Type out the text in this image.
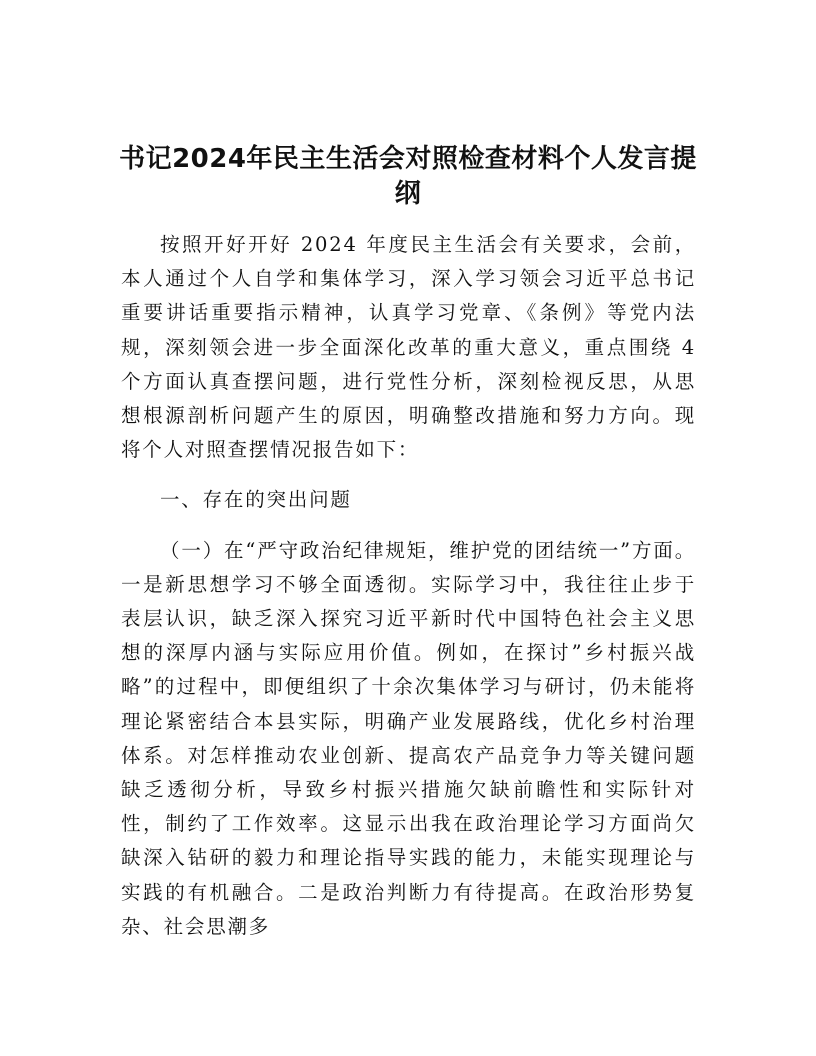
书记2024年民主生活会对照检查材料个人发言提纲

按照开好开好 2024 年度民主生活会有关要求，会前，本人通过个人自学和集体学习，深入学习领会习近平总书记重要讲话重要指示精神，认真学习党章、《条例》等党内法规，深刻领会进一步全面深化改革的重大意义，重点围绕 4 个方面认真查摆问题，进行党性分析，深刻检视反思，从思想根源剖析问题产生的原因，明确整改措施和努力方向。现将个人对照查摆情况报告如下：

一、存在的突出问题

（一）在“严守政治纪律规矩，维护党的团结统一”方面。一是新思想学习不够全面透彻。实际学习中，我往往止步于表层认识，缺乏深入探究习近平新时代中国特色社会主义思想的深厚内涵与实际应用价值。例如，在探讨”乡村振兴战略”的过程中，即便组织了十余次集体学习与研讨，仍未能将理论紧密结合本县实际，明确产业发展路线，优化乡村治理体系。对怎样推动农业创新、提高农产品竞争力等关键问题缺乏透彻分析，导致乡村振兴措施欠缺前瞻性和实际针对性，制约了工作效率。这显示出我在政治理论学习方面尚欠缺深入钻研的毅力和理论指导实践的能力，未能实现理论与实践的有机融合。二是政治判断力有待提高。在政治形势复杂、社会思潮多
